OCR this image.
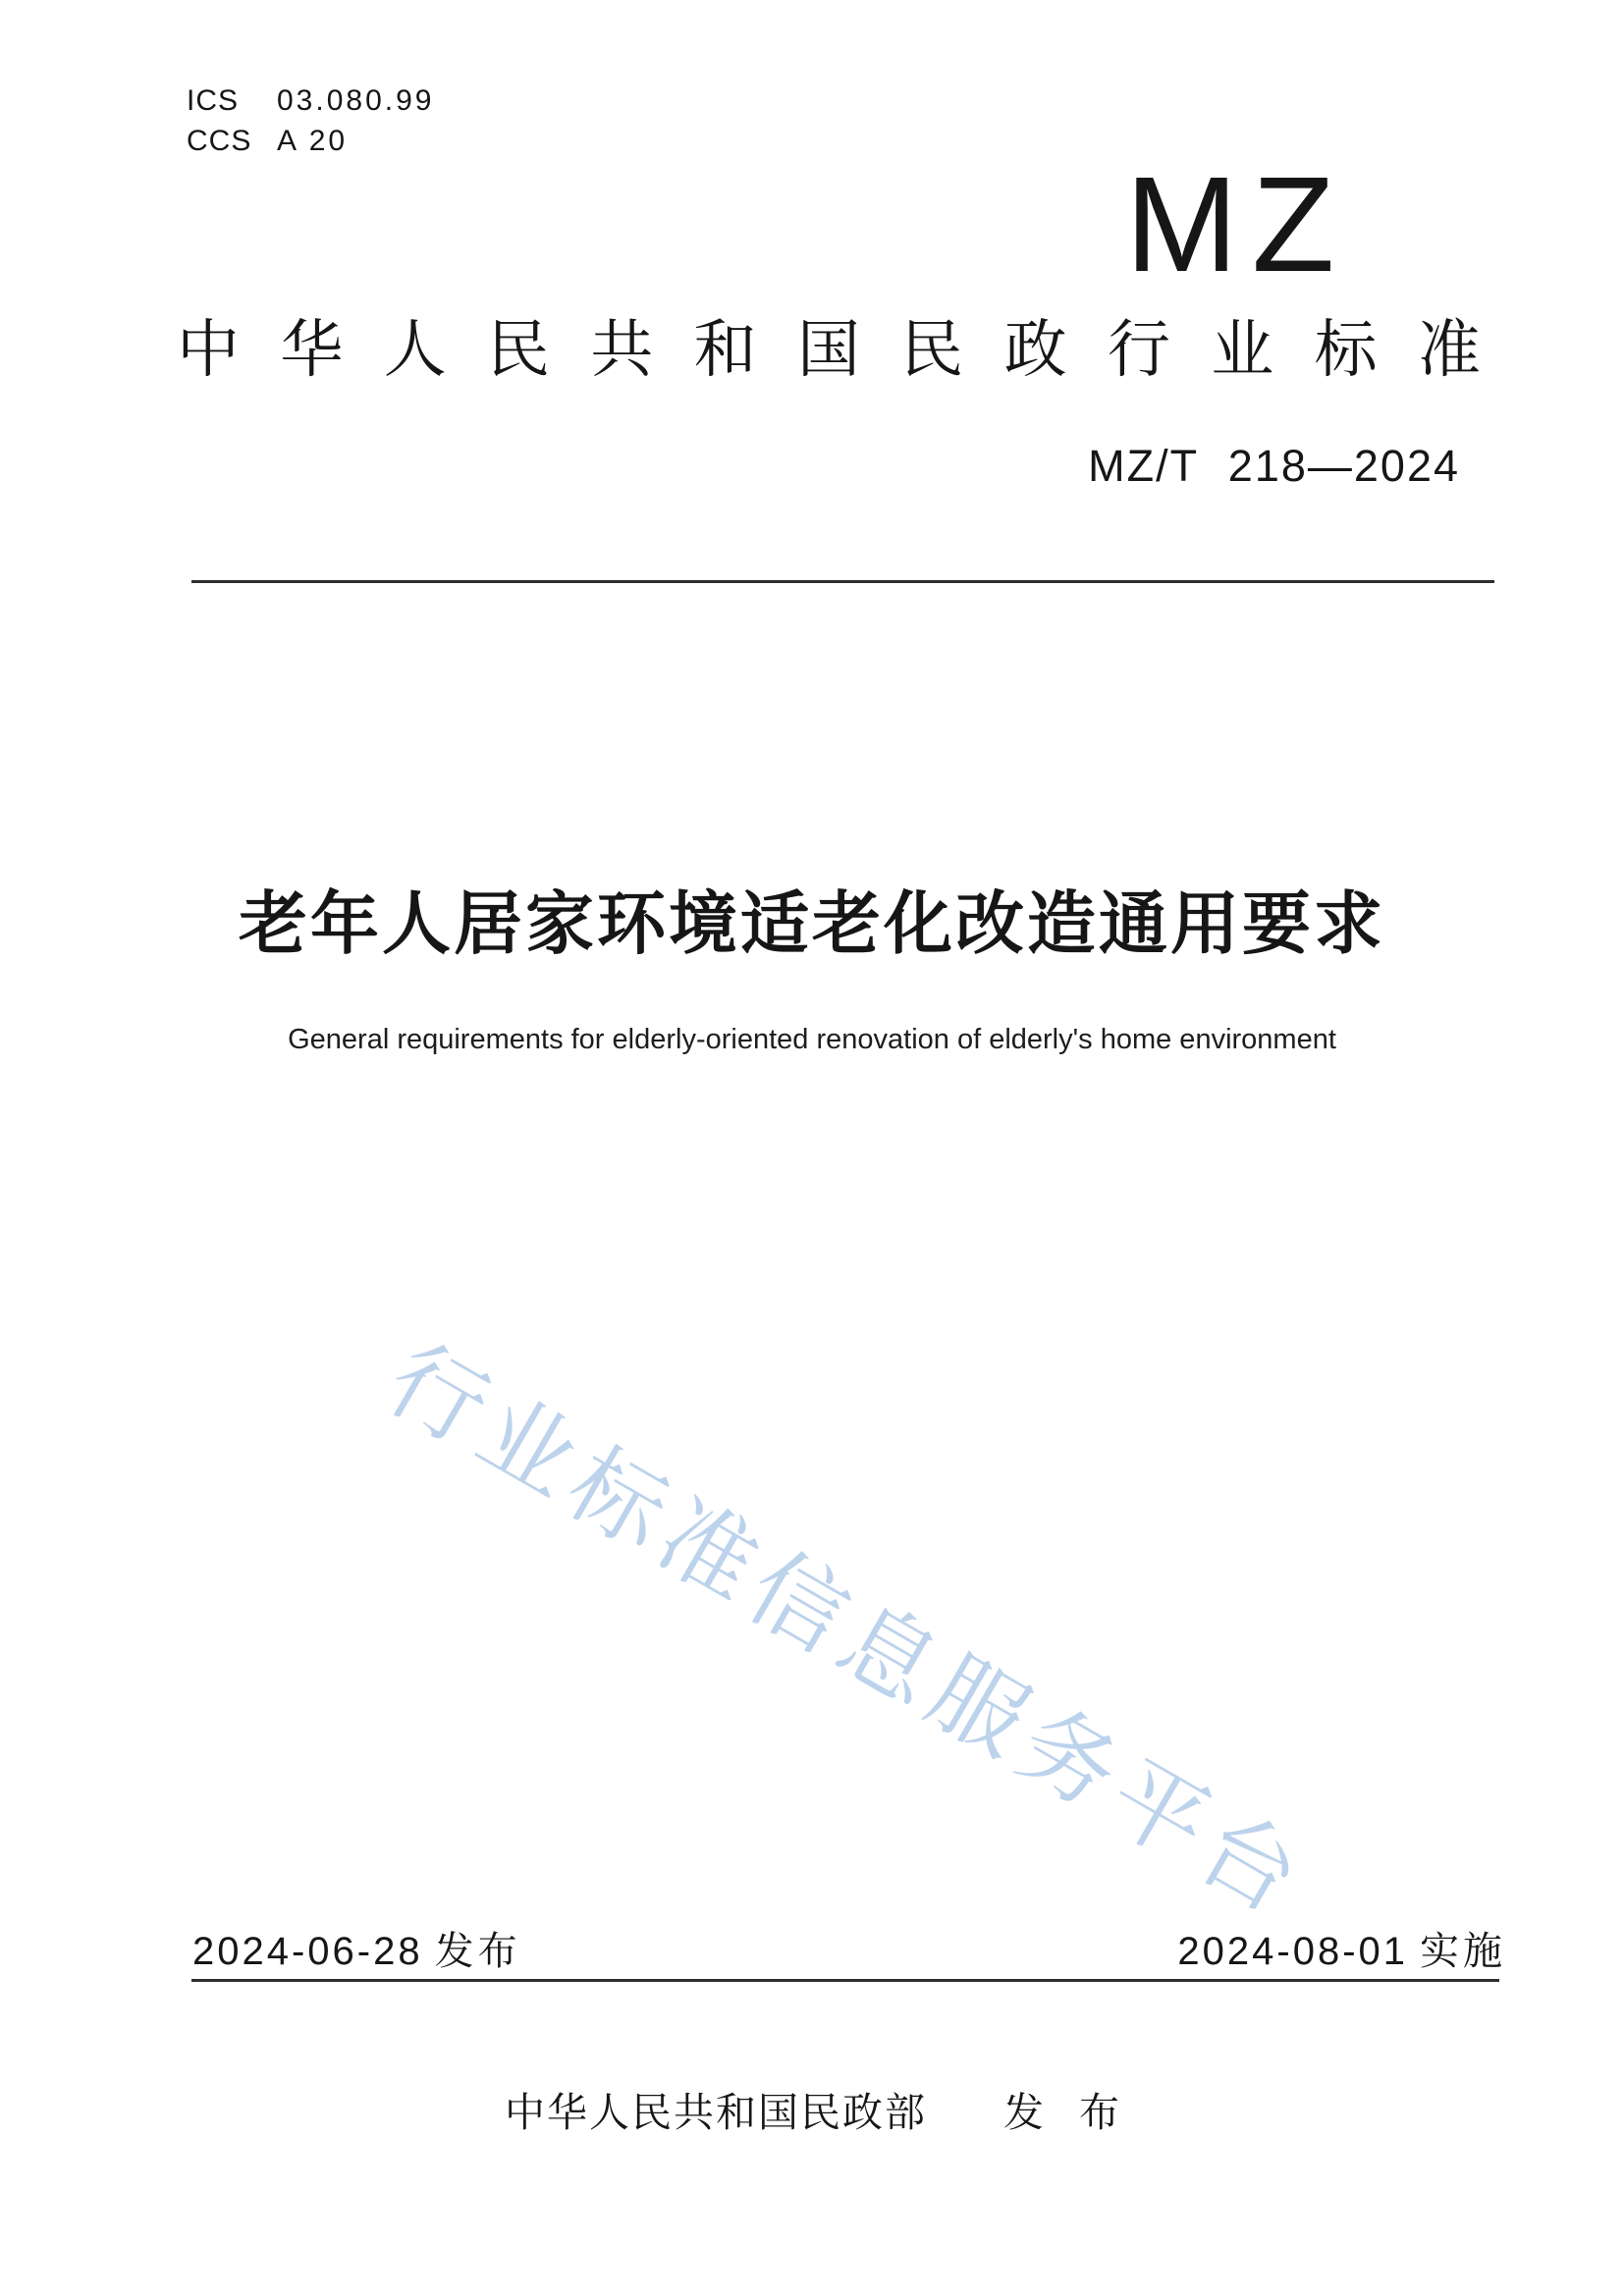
ICS	03.080.99
CCS A 20
MZ
中 华 人 民 共 和 国 民 政 行 业 标 准
MZ/T 218—2024
老年人居家环境适老化改造通用要求
General requirements for elderly-oriented renovation of elderly's home environment
行业标准信息服务平台
2024-06-28 发布	2024-08-01 实施
中华人民共和国民政部 发布
